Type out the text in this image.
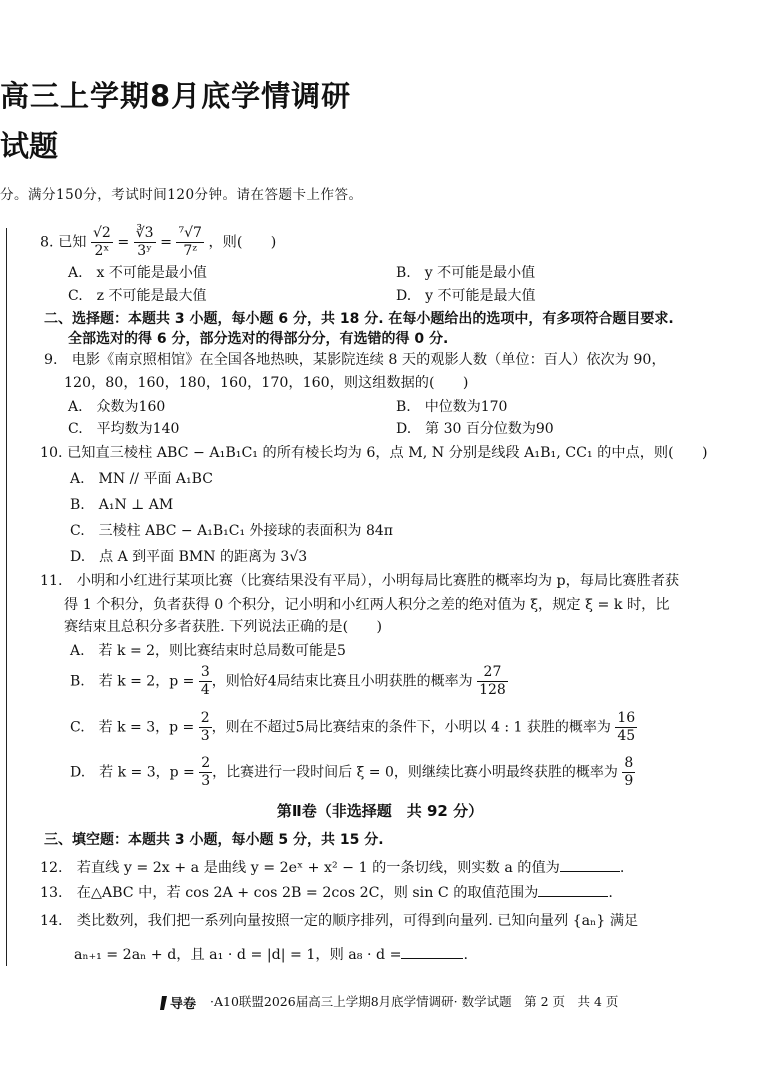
高三上学期8月底学情调研
试题
分。满分150分，考试时间120分钟。请在答题卡上作答。
8. 已知 $\frac{√2}{\text{2ˣ}} = \frac{∛3}{\text{3ʸ}} = \frac{\text{⁷√7}}{\text{7ᶻ}}$ ，则(　　)
A.　x 不可能是最小值	B.　y 不可能是最小值
C.　z 不可能是最大值	D.　y 不可能是最大值
二、选择题：本题共 3 小题，每小题 6 分，共 18 分. 在每小题给出的选项中，有多项符合题目要求.
全部选对的得 6 分，部分选对的得部分分，有选错的得 0 分.
9.　电影《南京照相馆》在全国各地热映，某影院连续 8 天的观影人数（单位：百人）依次为 90，
120，80，160，180，160，170，160，则这组数据的(　　)
A.　众数为160	B.　中位数为170
C.　平均数为140	D.　第 30 百分位数为90
10. 已知直三棱柱 ABC − A₁B₁C₁ 的所有棱长均为 6，点 M, N 分别是线段 A₁B₁, CC₁ 的中点，则(　　)
A.　MN // 平面 A₁BC
B.　A₁N ⊥ AM
C.　三棱柱 ABC − A₁B₁C₁ 外接球的表面积为 84π
D.　点 A 到平面 BMN 的距离为 3√3
11.　小明和小红进行某项比赛（比赛结果没有平局），小明每局比赛胜的概率均为 p，每局比赛胜者获
得 1 个积分，负者获得 0 个积分，记小明和小红两人积分之差的绝对值为 ξ，规定 ξ = k 时，比
赛结束且总积分多者获胜. 下列说法正确的是(　　)
A.　若 k = 2，则比赛结束时总局数可能是5
B.　若 k = 2，$p = \frac{3}{4}$ ，则恰好4局结束比赛且小明获胜的概率为 $\frac{27}{128}$
C.　若 k = 3，$p = \frac{2}{3}$ ，则在不超过5局比赛结束的条件下，小明以 4 : 1 获胜的概率为 $\frac{16}{45}$
D.　若 k = 3，$p = \frac{2}{3}$ ，比赛进行一段时间后 ξ = 0，则继续比赛小明最终获胜的概率为 $\frac{8}{9}$
第Ⅱ卷（非选择题　共 92 分）
三、填空题：本题共 3 小题，每小题 5 分，共 15 分.
12.　若直线 y = 2x + a 是曲线 y = 2eˣ + x² − 1 的一条切线，则实数 a 的值为	.
13.　在△ABC 中，若 cos 2A + cos 2B = 2cos 2C，则 sin C 的取值范围为	.
14.　类比数列，我们把一系列向量按照一定的顺序排列，可得到向量列. 已知向量列 {aₙ} 满足
aₙ₊₁ = 2aₙ + d，且 a₁ · d = |d| = 1，则 a₈ · d =	.
导卷 ·A10联盟2026届高三上学期8月底学情调研· 数学试题　第 2 页　共 4 页
